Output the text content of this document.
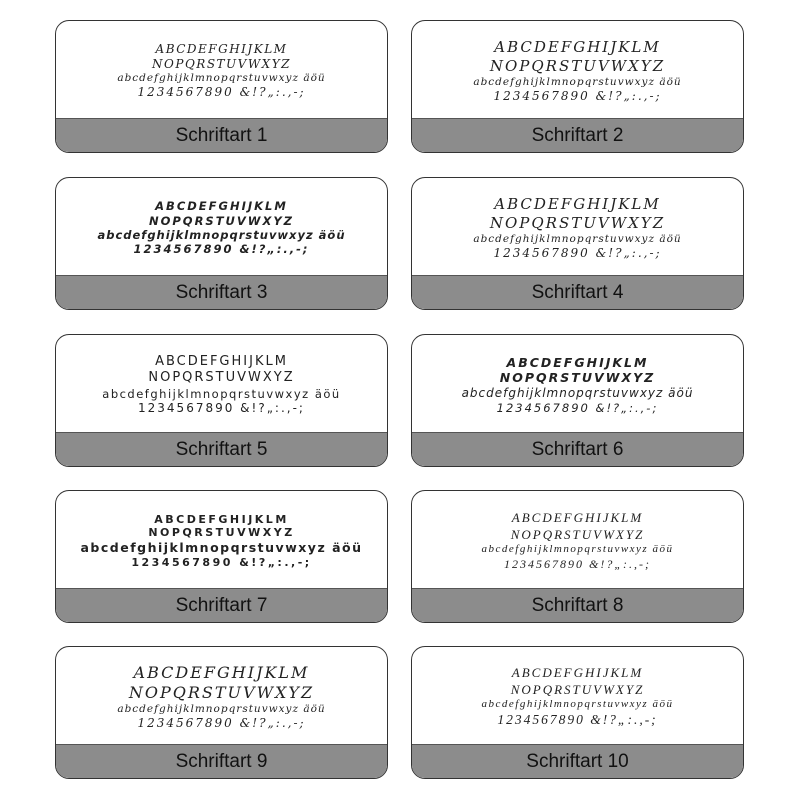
ABCDEFGHIJKLM NOPQRSTUVWXYZ
abcdefghijklmnopqrstuvwxyz äöü
1234567890 &!?„:.,-;
Schriftart 1
ABCDEFGHIJKLM
NOPQRSTUVWXYZ
abcdefghijklmnopqrstuvwxyz äöü
1234567890 &!?„:.,-;
Schriftart 2
ABCDEFGHIJKLM
NOPQRSTUVWXYZ
abcdefghijklmnopqrstuvwxyz äöü
1234567890 &!?„:.,-;
Schriftart 3
ABCDEFGHIJKLM
NOPQRSTUVWXYZ
abcdefghijklmnopqrstuvwxyz äöü
1234567890 &!?„:.,-;
Schriftart 4
ABCDEFGHIJKLM
NOPQRSTUVWXYZ
abcdefghijklmnopqrstuvwxyz äöü
1234567890 &!?„:.,-;
Schriftart 5
ABCDEFGHIJKLM
NOPQRSTUVWXYZ
abcdefghijklmnopqrstuvwxyz äöü
1234567890 &!?„:.,-;
Schriftart 6
ABCDEFGHIJKLM
NOPQRSTUVWXYZ
abcdefghijklmnopqrstuvwxyz äöü
1234567890 &!?„:.,-;
Schriftart 7
ABCDEFGHIJKLM
NOPQRSTUVWXYZ
abcdefghijklmnopqrstuvwxyz äöü
1234567890 &!?„:.,-;
Schriftart 8
ABCDEFGHIJKLM
NOPQRSTUVWXYZ
abcdefghijklmnopqrstuvwxyz äöü
1234567890 &!?„:.,-;
Schriftart 9
ABCDEFGHIJKLM
NOPQRSTUVWXYZ
abcdefghijklmnopqrstuvwxyz äöü
1234567890 &!?„:.,-;
Schriftart 10
